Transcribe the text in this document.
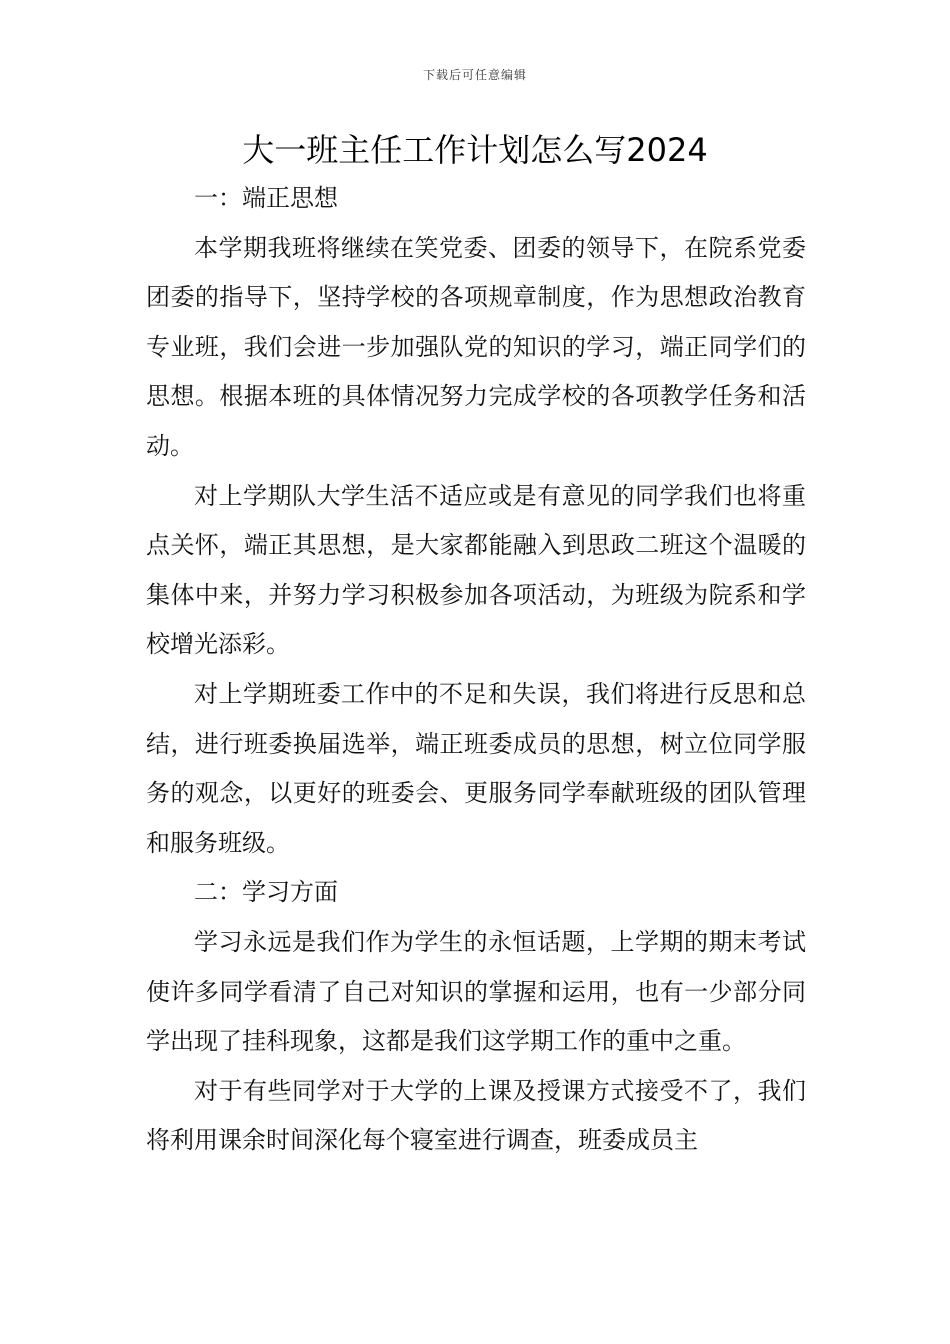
下载后可任意编辑
大一班主任工作计划怎么写2024

一：端正思想

本学期我班将继续在笑党委、团委的领导下，在院系党委团委的指导下，坚持学校的各项规章制度，作为思想政治教育专业班，我们会进一步加强队党的知识的学习，端正同学们的思想。根据本班的具体情况努力完成学校的各项教学任务和活动。

对上学期队大学生活不适应或是有意见的同学我们也将重点关怀，端正其思想，是大家都能融入到思政二班这个温暖的集体中来，并努力学习积极参加各项活动，为班级为院系和学校增光添彩。

对上学期班委工作中的不足和失误，我们将进行反思和总结，进行班委换届选举，端正班委成员的思想，树立位同学服务的观念，以更好的班委会、更服务同学奉献班级的团队管理和服务班级。

二：学习方面

学习永远是我们作为学生的永恒话题，上学期的期末考试使许多同学看清了自己对知识的掌握和运用，也有一少部分同学出现了挂科现象，这都是我们这学期工作的重中之重。

对于有些同学对于大学的上课及授课方式接受不了，我们将利用课余时间深化每个寝室进行调查，班委成员主
